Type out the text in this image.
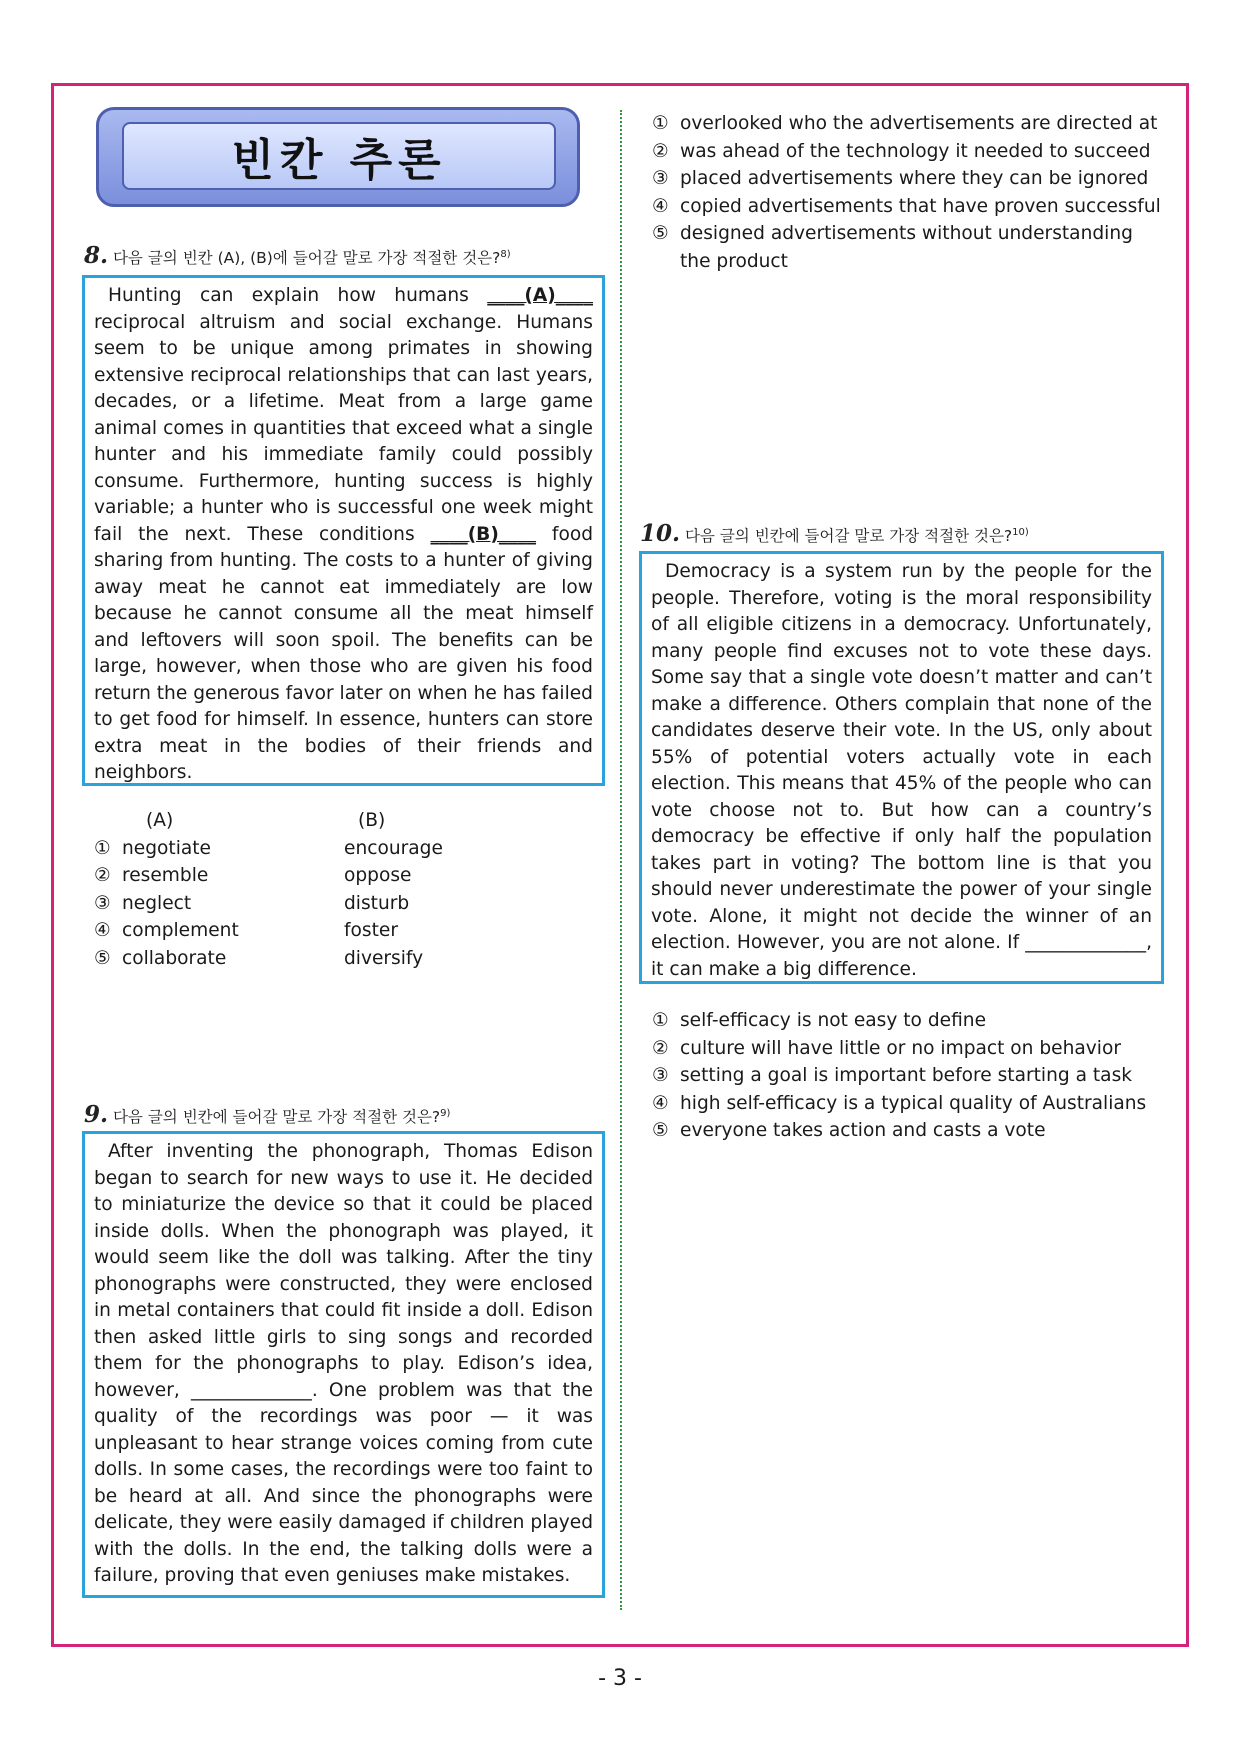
빈칸 추론
8. 다음 글의 빈칸 (A), (B)에 들어갈 말로 가장 적절한 것은?$^{8)}$

Hunting can explain how humans ____(A)____ reciprocal altruism and social exchange. Humans seem to be unique among primates in showing extensive reciprocal relationships that can last years, decades, or a lifetime. Meat from a large game animal comes in quantities that exceed what a single hunter and his immediate family could possibly consume. Furthermore, hunting success is highly variable; a hunter who is successful one week might fail the next. These conditions ____(B)____ food sharing from hunting. The costs to a hunter of giving away meat he cannot eat immediately are low because he cannot consume all the meat himself and leftovers will soon spoil. The benefits can be large, however, when those who are given his food return the generous favor later on when he has failed to get food for himself. In essence, hunters can store extra meat in the bodies of their friends and neighbors.

(A)	(B)
① negotiate	encourage
② resemble	oppose
③ neglect	disturb
④ complement	foster
⑤ collaborate	diversify
9. 다음 글의 빈칸에 들어갈 말로 가장 적절한 것은?$^{9)}$

After inventing the phonograph, Thomas Edison began to search for new ways to use it. He decided to miniaturize the device so that it could be placed inside dolls. When the phonograph was played, it would seem like the doll was talking. After the tiny phonographs were constructed, they were enclosed in metal containers that could fit inside a doll. Edison then asked little girls to sing songs and recorded them for the phonographs to play. Edison’s idea, however, _____________. One problem was that the quality of the recordings was poor — it was unpleasant to hear strange voices coming from cute dolls. In some cases, the recordings were too faint to be heard at all. And since the phonographs were delicate, they were easily damaged if children played with the dolls. In the end, the talking dolls were a failure, proving that even geniuses make mistakes.

① overlooked who the advertisements are directed at
② was ahead of the technology it needed to succeed
③ placed advertisements where they can be ignored
④ copied advertisements that have proven successful
⑤ designed advertisements without understanding the product
10. 다음 글의 빈칸에 들어갈 말로 가장 적절한 것은?$^{10)}$

Democracy is a system run by the people for the people. Therefore, voting is the moral responsibility of all eligible citizens in a democracy. Unfortunately, many people find excuses not to vote these days. Some say that a single vote doesn’t matter and can’t make a difference. Others complain that none of the candidates deserve their vote. In the US, only about 55% of potential voters actually vote in each election. This means that 45% of the people who can vote choose not to. But how can a country’s democracy be effective if only half the population takes part in voting? The bottom line is that you should never underestimate the power of your single vote. Alone, it might not decide the winner of an election. However, you are not alone. If _____________, it can make a big difference.

① self-efficacy is not easy to define
② culture will have little or no impact on behavior
③ setting a goal is important before starting a task
④ high self-efficacy is a typical quality of Australians
⑤ everyone takes action and casts a vote
- 3 -
